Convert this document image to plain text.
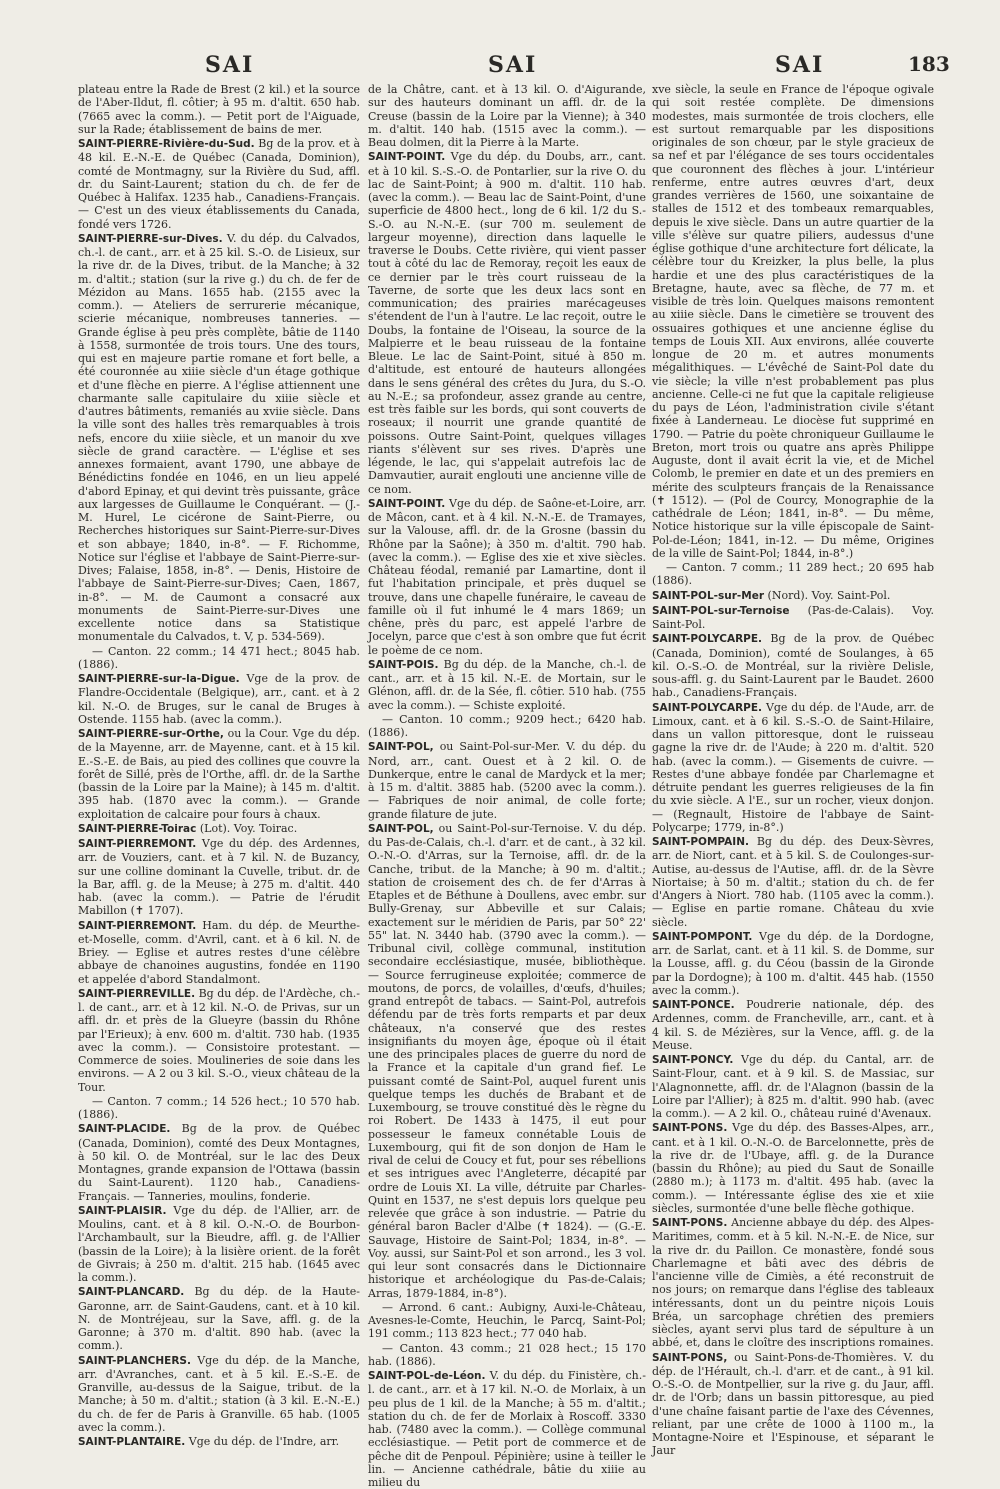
SAI	SAI	SAI	183

plateau entre la Rade de Brest (2 kil.) et la source de l'Aber-Ildut, fl. côtier; à 95 m. d'altit. 650 hab. (7665 avec la comm.). — Petit port de l'Aiguade, sur la Rade; établissement de bains de mer.

SAINT-PIERRE-Rivière-du-Sud. Bg de la prov. et à 48 kil. E.-N.-E. de Québec (Canada, Dominion), comté de Montmagny, sur la Rivière du Sud, affl. dr. du Saint-Laurent; station du ch. de fer de Québec à Halifax. 1235 hab., Canadiens-Français. — C'est un des vieux établissements du Canada, fondé vers 1726.

SAINT-PIERRE-sur-Dives. V. du dép. du Calvados, ch.-l. de cant., arr. et à 25 kil. S.-O. de Lisieux, sur la rive dr. de la Dives, tribut. de la Manche; à 32 m. d'altit.; station (sur la rive g.) du ch. de fer de Mézidon au Mans. 1655 hab. (2155 avec la comm.). — Ateliers de serrurerie mécanique, scierie mécanique, nombreuses tanneries. — Grande église à peu près complète, bâtie de 1140 à 1558, surmontée de trois tours. Une des tours, qui est en majeure partie romane et fort belle, a été couronnée au xiiie siècle d'un étage gothique et d'une flèche en pierre. A l'église attiennent une charmante salle capitulaire du xiiie siècle et d'autres bâtiments, remaniés au xviie siècle. Dans la ville sont des halles très remarquables à trois nefs, encore du xiiie siècle, et un manoir du xve siècle de grand caractère. — L'église et ses annexes formaient, avant 1790, une abbaye de Bénédictins fondée en 1046, en un lieu appelé d'abord Epinay, et qui devint très puissante, grâce aux largesses de Guillaume le Conquérant. — (J.-M. Hurel, Le cicérone de Saint-Pierre, ou Recherches historiques sur Saint-Pierre-sur-Dives et son abbaye; 1840, in-8°. — F. Richomme, Notice sur l'église et l'abbaye de Saint-Pierre-sur-Dives; Falaise, 1858, in-8°. — Denis, Histoire de l'abbaye de Saint-Pierre-sur-Dives; Caen, 1867, in-8°. — M. de Caumont a consacré aux monuments de Saint-Pierre-sur-Dives une excellente notice dans sa Statistique monumentale du Calvados, t. V, p. 534-569).

— Canton. 22 comm.; 14 471 hect.; 8045 hab. (1886).

SAINT-PIERRE-sur-la-Digue. Vge de la prov. de Flandre-Occidentale (Belgique), arr., cant. et à 2 kil. N.-O. de Bruges, sur le canal de Bruges à Ostende. 1155 hab. (avec la comm.).

SAINT-PIERRE-sur-Orthe, ou la Cour. Vge du dép. de la Mayenne, arr. de Mayenne, cant. et à 15 kil. E.-S.-E. de Bais, au pied des collines que couvre la forêt de Sillé, près de l'Orthe, affl. dr. de la Sarthe (bassin de la Loire par la Maine); à 145 m. d'altit. 395 hab. (1870 avec la comm.). — Grande exploitation de calcaire pour fours à chaux.

SAINT-PIERRE-Toirac (Lot). Voy. Toirac.

SAINT-PIERREMONT. Vge du dép. des Ardennes, arr. de Vouziers, cant. et à 7 kil. N. de Buzancy, sur une colline dominant la Cuvelle, tribut. dr. de la Bar, affl. g. de la Meuse; à 275 m. d'altit. 440 hab. (avec la comm.). — Patrie de l'érudit Mabillon (✝ 1707).

SAINT-PIERREMONT. Ham. du dép. de Meurthe-et-Moselle, comm. d'Avril, cant. et à 6 kil. N. de Briey. — Eglise et autres restes d'une célèbre abbaye de chanoines augustins, fondée en 1190 et appelée d'abord Standalmont.

SAINT-PIERREVILLE. Bg du dép. de l'Ardèche, ch.-l. de cant., arr. et à 12 kil. N.-O. de Privas, sur un affl. dr. et près de la Glueyre (bassin du Rhône par l'Erieux); à env. 600 m. d'altit. 730 hab. (1935 avec la comm.). — Consistoire protestant. — Commerce de soies. Moulineries de soie dans les environs. — A 2 ou 3 kil. S.-O., vieux château de la Tour.

— Canton. 7 comm.; 14 526 hect.; 10 570 hab. (1886).

SAINT-PLACIDE. Bg de la prov. de Québec (Canada, Dominion), comté des Deux Montagnes, à 50 kil. O. de Montréal, sur le lac des Deux Montagnes, grande expansion de l'Ottawa (bassin du Saint-Laurent). 1120 hab., Canadiens-Français. — Tanneries, moulins, fonderie.

SAINT-PLAISIR. Vge du dép. de l'Allier, arr. de Moulins, cant. et à 8 kil. O.-N.-O. de Bourbon-l'Archambault, sur la Bieudre, affl. g. de l'Allier (bassin de la Loire); à la lisière orient. de la forêt de Givrais; à 250 m. d'altit. 215 hab. (1645 avec la comm.).

SAINT-PLANCARD. Bg du dép. de la Haute-Garonne, arr. de Saint-Gaudens, cant. et à 10 kil. N. de Montréjeau, sur la Save, affl. g. de la Garonne; à 370 m. d'altit. 890 hab. (avec la comm.).

SAINT-PLANCHERS. Vge du dép. de la Manche, arr. d'Avranches, cant. et à 5 kil. E.-S.-E. de Granville, au-dessus de la Saigue, tribut. de la Manche; à 50 m. d'altit.; station (à 3 kil. E.-N.-E.) du ch. de fer de Paris à Granville. 65 hab. (1005 avec la comm.).

SAINT-PLANTAIRE. Vge du dép. de l'Indre, arr.

de la Châtre, cant. et à 13 kil. O. d'Aigurande, sur des hauteurs dominant un affl. dr. de la Creuse (bassin de la Loire par la Vienne); à 340 m. d'altit. 140 hab. (1515 avec la comm.). — Beau dolmen, dit la Pierre à la Marte.

SAINT-POINT. Vge du dép. du Doubs, arr., cant. et à 10 kil. S.-S.-O. de Pontarlier, sur la rive O. du lac de Saint-Point; à 900 m. d'altit. 110 hab. (avec la comm.). — Beau lac de Saint-Point, d'une superficie de 4800 hect., long de 6 kil. 1/2 du S.-S.-O. au N.-N.-E. (sur 700 m. seulement de largeur moyenne), direction dans laquelle le traverse le Doubs. Cette rivière, qui vient passer tout à côté du lac de Remoray, reçoit les eaux de ce dernier par le très court ruisseau de la Taverne, de sorte que les deux lacs sont en communication; des prairies marécageuses s'étendent de l'un à l'autre. Le lac reçoit, outre le Doubs, la fontaine de l'Oiseau, la source de la Malpierre et le beau ruisseau de la fontaine Bleue. Le lac de Saint-Point, situé à 850 m. d'altitude, est entouré de hauteurs allongées dans le sens général des crêtes du Jura, du S.-O. au N.-E.; sa profondeur, assez grande au centre, est très faible sur les bords, qui sont couverts de roseaux; il nourrit une grande quantité de poissons. Outre Saint-Point, quelques villages riants s'élèvent sur ses rives. D'après une légende, le lac, qui s'appelait autrefois lac de Damvautier, aurait englouti une ancienne ville de ce nom.

SAINT-POINT. Vge du dép. de Saône-et-Loire, arr. de Mâcon, cant. et à 4 kil. N.-N.-E. de Tramayes, sur la Valouse, affl. dr. de la Grosne (bassin du Rhône par la Saône); à 350 m. d'altit. 790 hab. (avec la comm.). — Eglise des xie et xive siècles. Château féodal, remanié par Lamartine, dont il fut l'habitation principale, et près duquel se trouve, dans une chapelle funéraire, le caveau de famille où il fut inhumé le 4 mars 1869; un chêne, près du parc, est appelé l'arbre de Jocelyn, parce que c'est à son ombre que fut écrit le poème de ce nom.

SAINT-POIS. Bg du dép. de la Manche, ch.-l. de cant., arr. et à 15 kil. N.-E. de Mortain, sur le Glénon, affl. dr. de la Sée, fl. côtier. 510 hab. (755 avec la comm.). — Schiste exploité.

— Canton. 10 comm.; 9209 hect.; 6420 hab. (1886).

SAINT-POL, ou Saint-Pol-sur-Mer. V. du dép. du Nord, arr., cant. Ouest et à 2 kil. O. de Dunkerque, entre le canal de Mardyck et la mer; à 15 m. d'altit. 3885 hab. (5200 avec la comm.). — Fabriques de noir animal, de colle forte; grande filature de jute.

SAINT-POL, ou Saint-Pol-sur-Ternoise. V. du dép. du Pas-de-Calais, ch.-l. d'arr. et de cant., à 32 kil. O.-N.-O. d'Arras, sur la Ternoise, affl. dr. de la Canche, tribut. de la Manche; à 90 m. d'altit.; station de croisement des ch. de fer d'Arras à Etaples et de Béthune à Doullens, avec embr. sur Bully-Grenay, sur Abbeville et sur Calais; exactement sur le méridien de Paris, par 50° 22' 55" lat. N. 3440 hab. (3790 avec la comm.). — Tribunal civil, collège communal, institution secondaire ecclésiastique, musée, bibliothèque. — Source ferrugineuse exploitée; commerce de moutons, de porcs, de volailles, d'œufs, d'huiles; grand entrepôt de tabacs. — Saint-Pol, autrefois défendu par de très forts remparts et par deux châteaux, n'a conservé que des restes insignifiants du moyen âge, époque où il était une des principales places de guerre du nord de la France et la capitale d'un grand fief. Le puissant comté de Saint-Pol, auquel furent unis quelque temps les duchés de Brabant et de Luxembourg, se trouve constitué dès le règne du roi Robert. De 1433 à 1475, il eut pour possesseur le fameux connétable Louis de Luxembourg, qui fit de son donjon de Ham le rival de celui de Coucy et fut, pour ses rébellions et ses intrigues avec l'Angleterre, décapité par ordre de Louis XI. La ville, détruite par Charles-Quint en 1537, ne s'est depuis lors quelque peu relevée que grâce à son industrie. — Patrie du général baron Bacler d'Albe (✝ 1824). — (G.-E. Sauvage, Histoire de Saint-Pol; 1834, in-8°. — Voy. aussi, sur Saint-Pol et son arrond., les 3 vol. qui leur sont consacrés dans le Dictionnaire historique et archéologique du Pas-de-Calais; Arras, 1879-1884, in-8°).

— Arrond. 6 cant.: Aubigny, Auxi-le-Château, Avesnes-le-Comte, Heuchin, le Parcq, Saint-Pol; 191 comm.; 113 823 hect.; 77 040 hab.

— Canton. 43 comm.; 21 028 hect.; 15 170 hab. (1886).

SAINT-POL-de-Léon. V. du dép. du Finistère, ch.-l. de cant., arr. et à 17 kil. N.-O. de Morlaix, à un peu plus de 1 kil. de la Manche; à 55 m. d'altit.; station du ch. de fer de Morlaix à Roscoff. 3330 hab. (7480 avec la comm.). — Collège communal ecclésiastique. — Petit port de commerce et de pêche dit de Penpoul. Pépinière; usine à teiller le lin. — Ancienne cathédrale, bâtie du xiiie au milieu du

xve siècle, la seule en France de l'époque ogivale qui soit restée complète. De dimensions modestes, mais surmontée de trois clochers, elle est surtout remarquable par les dispositions originales de son chœur, par le style gracieux de sa nef et par l'élégance de ses tours occidentales que couronnent des flèches à jour. L'intérieur renferme, entre autres œuvres d'art, deux grandes verrières de 1560, une soixantaine de stalles de 1512 et des tombeaux remarquables, depuis le xive siècle. Dans un autre quartier de la ville s'élève sur quatre piliers, audessus d'une église gothique d'une architecture fort délicate, la célèbre tour du Kreizker, la plus belle, la plus hardie et une des plus caractéristiques de la Bretagne, haute, avec sa flèche, de 77 m. et visible de très loin. Quelques maisons remontent au xiiie siècle. Dans le cimetière se trouvent des ossuaires gothiques et une ancienne église du temps de Louis XII. Aux environs, allée couverte longue de 20 m. et autres monuments mégalithiques. — L'évêché de Saint-Pol date du vie siècle; la ville n'est probablement pas plus ancienne. Celle-ci ne fut que la capitale religieuse du pays de Léon, l'administration civile s'étant fixée à Landerneau. Le diocèse fut supprimé en 1790. — Patrie du poète chroniqueur Guillaume le Breton, mort trois ou quatre ans après Philippe Auguste, dont il avait écrit la vie, et de Michel Colomb, le premier en date et un des premiers en mérite des sculpteurs français de la Renaissance (✝ 1512). — (Pol de Courcy, Monographie de la cathédrale de Léon; 1841, in-8°. — Du même, Notice historique sur la ville épiscopale de Saint-Pol-de-Léon; 1841, in-12. — Du même, Origines de la ville de Saint-Pol; 1844, in-8°.)

— Canton. 7 comm.; 11 289 hect.; 20 695 hab (1886).

SAINT-POL-sur-Mer (Nord). Voy. Saint-Pol.

SAINT-POL-sur-Ternoise (Pas-de-Calais). Voy. Saint-Pol.

SAINT-POLYCARPE. Bg de la prov. de Québec (Canada, Dominion), comté de Soulanges, à 65 kil. O.-S.-O. de Montréal, sur la rivière Delisle, sous-affl. g. du Saint-Laurent par le Baudet. 2600 hab., Canadiens-Français.

SAINT-POLYCARPE. Vge du dép. de l'Aude, arr. de Limoux, cant. et à 6 kil. S.-S.-O. de Saint-Hilaire, dans un vallon pittoresque, dont le ruisseau gagne la rive dr. de l'Aude; à 220 m. d'altit. 520 hab. (avec la comm.). — Gisements de cuivre. — Restes d'une abbaye fondée par Charlemagne et détruite pendant les guerres religieuses de la fin du xvie siècle. A l'E., sur un rocher, vieux donjon. — (Regnault, Histoire de l'abbaye de Saint-Polycarpe; 1779, in-8°.)

SAINT-POMPAIN. Bg du dép. des Deux-Sèvres, arr. de Niort, cant. et à 5 kil. S. de Coulonges-sur-Autise, au-dessus de l'Autise, affl. dr. de la Sèvre Niortaise; à 50 m. d'altit.; station du ch. de fer d'Angers à Niort. 780 hab. (1105 avec la comm.). — Eglise en partie romane. Château du xvie siècle.

SAINT-POMPONT. Vge du dép. de la Dordogne, arr. de Sarlat, cant. et à 11 kil. S. de Domme, sur la Lousse, affl. g. du Céou (bassin de la Gironde par la Dordogne); à 100 m. d'altit. 445 hab. (1550 avec la comm.).

SAINT-PONCE. Poudrerie nationale, dép. des Ardennes, comm. de Francheville, arr., cant. et à 4 kil. S. de Mézières, sur la Vence, affl. g. de la Meuse.

SAINT-PONCY. Vge du dép. du Cantal, arr. de Saint-Flour, cant. et à 9 kil. S. de Massiac, sur l'Alagnonnette, affl. dr. de l'Alagnon (bassin de la Loire par l'Allier); à 825 m. d'altit. 990 hab. (avec la comm.). — A 2 kil. O., château ruiné d'Avenaux.

SAINT-PONS. Vge du dép. des Basses-Alpes, arr., cant. et à 1 kil. O.-N.-O. de Barcelonnette, près de la rive dr. de l'Ubaye, affl. g. de la Durance (bassin du Rhône); au pied du Saut de Sonaille (2880 m.); à 1173 m. d'altit. 495 hab. (avec la comm.). — Intéressante église des xie et xiie siècles, surmontée d'une belle flèche gothique.

SAINT-PONS. Ancienne abbaye du dép. des Alpes-Maritimes, comm. et à 5 kil. N.-N.-E. de Nice, sur la rive dr. du Paillon. Ce monastère, fondé sous Charlemagne et bâti avec des débris de l'ancienne ville de Cimiès, a été reconstruit de nos jours; on remarque dans l'église des tableaux intéressants, dont un du peintre niçois Louis Bréa, un sarcophage chrétien des premiers siècles, ayant servi plus tard de sépulture à un abbé, et, dans le cloître des inscriptions romaines.

SAINT-PONS, ou Saint-Pons-de-Thomières. V. du dép. de l'Hérault, ch.-l. d'arr. et de cant., à 91 kil. O.-S.-O. de Montpellier, sur la rive g. du Jaur, affl. dr. de l'Orb; dans un bassin pittoresque, au pied d'une chaîne faisant partie de l'axe des Cévennes, reliant, par une crête de 1000 à 1100 m., la Montagne-Noire et l'Espinouse, et séparant le Jaur
